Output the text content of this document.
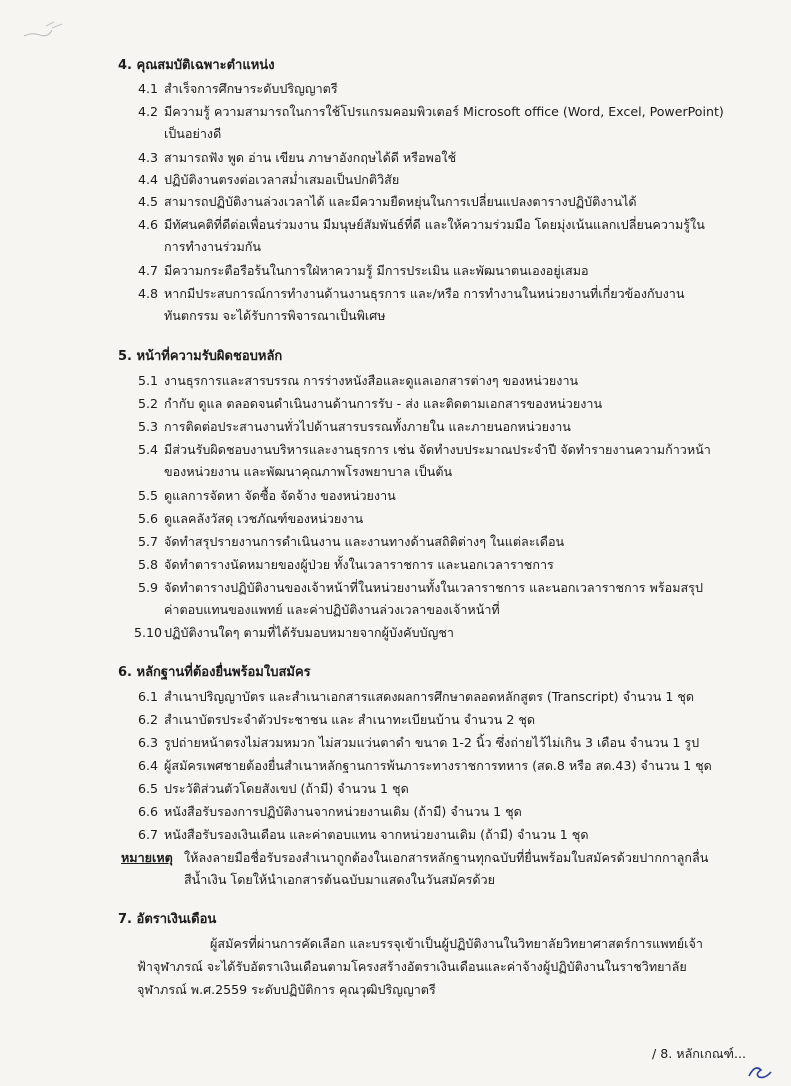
4. คุณสมบัติเฉพาะตำแหน่ง
4.1 สำเร็จการศึกษาระดับปริญญาตรี
4.2 มีความรู้ ความสามารถในการใช้โปรแกรมคอมพิวเตอร์ Microsoft office (Word, Excel, PowerPoint)
เป็นอย่างดี
4.3 สามารถฟัง พูด อ่าน เขียน ภาษาอังกฤษได้ดี หรือพอใช้
4.4 ปฏิบัติงานตรงต่อเวลาสม่ำเสมอเป็นปกติวิสัย
4.5 สามารถปฏิบัติงานล่วงเวลาได้ และมีความยืดหยุ่นในการเปลี่ยนแปลงตารางปฏิบัติงานได้
4.6 มีทัศนคติที่ดีต่อเพื่อนร่วมงาน มีมนุษย์สัมพันธ์ที่ดี และให้ความร่วมมือ โดยมุ่งเน้นแลกเปลี่ยนความรู้ใน
การทำงานร่วมกัน
4.7 มีความกระตือรือร้นในการใฝ่หาความรู้ มีการประเมิน และพัฒนาตนเองอยู่เสมอ
4.8 หากมีประสบการณ์การทำงานด้านงานธุรการ และ/หรือ การทำงานในหน่วยงานที่เกี่ยวข้องกับงาน
ทันตกรรม จะได้รับการพิจารณาเป็นพิเศษ
5. หน้าที่ความรับผิดชอบหลัก
5.1 งานธุรการและสารบรรณ การร่างหนังสือและดูแลเอกสารต่างๆ ของหน่วยงาน
5.2 กำกับ ดูแล ตลอดจนดำเนินงานด้านการรับ - ส่ง และติดตามเอกสารของหน่วยงาน
5.3 การติดต่อประสานงานทั่วไปด้านสารบรรณทั้งภายใน และภายนอกหน่วยงาน
5.4 มีส่วนรับผิดชอบงานบริหารและงานธุรการ เช่น จัดทำงบประมาณประจำปี จัดทำรายงานความก้าวหน้า
ของหน่วยงาน และพัฒนาคุณภาพโรงพยาบาล เป็นต้น
5.5 ดูแลการจัดหา จัดซื้อ จัดจ้าง ของหน่วยงาน
5.6 ดูแลคลังวัสดุ เวชภัณฑ์ของหน่วยงาน
5.7 จัดทำสรุปรายงานการดำเนินงาน และงานทางด้านสถิติต่างๆ ในแต่ละเดือน
5.8 จัดทำตารางนัดหมายของผู้ป่วย ทั้งในเวลาราชการ และนอกเวลาราชการ
5.9 จัดทำตารางปฏิบัติงานของเจ้าหน้าที่ในหน่วยงานทั้งในเวลาราชการ และนอกเวลาราชการ พร้อมสรุป
ค่าตอบแทนของแพทย์ และค่าปฏิบัติงานล่วงเวลาของเจ้าหน้าที่
5.10 ปฏิบัติงานใดๆ ตามที่ได้รับมอบหมายจากผู้บังคับบัญชา
6. หลักฐานที่ต้องยื่นพร้อมใบสมัคร
6.1 สำเนาปริญญาบัตร และสำเนาเอกสารแสดงผลการศึกษาตลอดหลักสูตร (Transcript) จำนวน 1 ชุด
6.2 สำเนาบัตรประจำตัวประชาชน และ สำเนาทะเบียนบ้าน จำนวน 2 ชุด
6.3 รูปถ่ายหน้าตรงไม่สวมหมวก ไม่สวมแว่นตาดำ ขนาด 1-2 นิ้ว ซึ่งถ่ายไว้ไม่เกิน 3 เดือน จำนวน 1 รูป
6.4 ผู้สมัครเพศชายต้องยื่นสำเนาหลักฐานการพ้นภาระทางราชการทหาร (สด.8 หรือ สด.43) จำนวน 1 ชุด
6.5 ประวัติส่วนตัวโดยสังเขป (ถ้ามี) จำนวน 1 ชุด
6.6 หนังสือรับรองการปฏิบัติงานจากหน่วยงานเดิม (ถ้ามี) จำนวน 1 ชุด
6.7 หนังสือรับรองเงินเดือน และค่าตอบแทน จากหน่วยงานเดิม (ถ้ามี) จำนวน 1 ชุด
หมายเหตุ ให้ลงลายมือชื่อรับรองสำเนาถูกต้องในเอกสารหลักฐานทุกฉบับที่ยื่นพร้อมใบสมัครด้วยปากกาลูกลื่น
สีน้ำเงิน โดยให้นำเอกสารต้นฉบับมาแสดงในวันสมัครด้วย
7. อัตราเงินเดือน
ผู้สมัครที่ผ่านการคัดเลือก และบรรจุเข้าเป็นผู้ปฏิบัติงานในวิทยาลัยวิทยาศาสตร์การแพทย์เจ้า
ฟ้าจุฬาภรณ์ จะได้รับอัตราเงินเดือนตามโครงสร้างอัตราเงินเดือนและค่าจ้างผู้ปฏิบัติงานในราชวิทยาลัย
จุฬาภรณ์ พ.ศ.2559 ระดับปฏิบัติการ คุณวุฒิปริญญาตรี
/ 8. หลักเกณฑ์...
